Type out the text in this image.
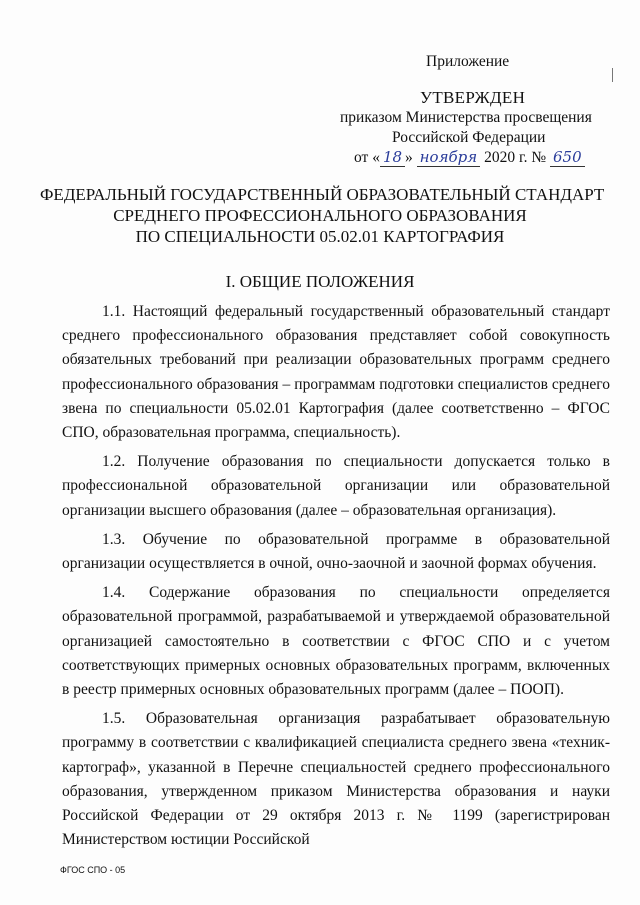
Приложение
УТВЕРЖДЕН
приказом Министерства просвещения
Российской Федерации
от « 18 » ноября 2020 г. № 650
ФЕДЕРАЛЬНЫЙ ГОСУДАРСТВЕННЫЙ ОБРАЗОВАТЕЛЬНЫЙ СТАНДАРТ
СРЕДНЕГО ПРОФЕССИОНАЛЬНОГО ОБРАЗОВАНИЯ
ПО СПЕЦИАЛЬНОСТИ 05.02.01 КАРТОГРАФИЯ
I. ОБЩИЕ ПОЛОЖЕНИЯ

1.1. Настоящий федеральный государственный образовательный стандарт среднего профессионального образования представляет собой совокупность обязательных требований при реализации образовательных программ среднего профессионального образования – программам подготовки специалистов среднего звена по специальности 05.02.01 Картография (далее соответственно – ФГОС СПО, образовательная программа, специальность).

1.2. Получение образования по специальности допускается только в профессиональной образовательной организации или образовательной организации высшего образования (далее – образовательная организация).

1.3. Обучение по образовательной программе в образовательной организации осуществляется в очной, очно-заочной и заочной формах обучения.

1.4. Содержание образования по специальности определяется образовательной программой, разрабатываемой и утверждаемой образовательной организацией самостоятельно в соответствии с ФГОС СПО и с учетом соответствующих примерных основных образовательных программ, включенных в реестр примерных основных образовательных программ (далее – ПООП).

1.5. Образовательная организация разрабатывает образовательную программу в соответствии с квалификацией специалиста среднего звена «техник-картограф», указанной в Перечне специальностей среднего профессионального образования, утвержденном приказом Министерства образования и науки Российской Федерации от 29 октября 2013 г. № 1199 (зарегистрирован Министерством юстиции Российской

ФГОС СПО - 05
